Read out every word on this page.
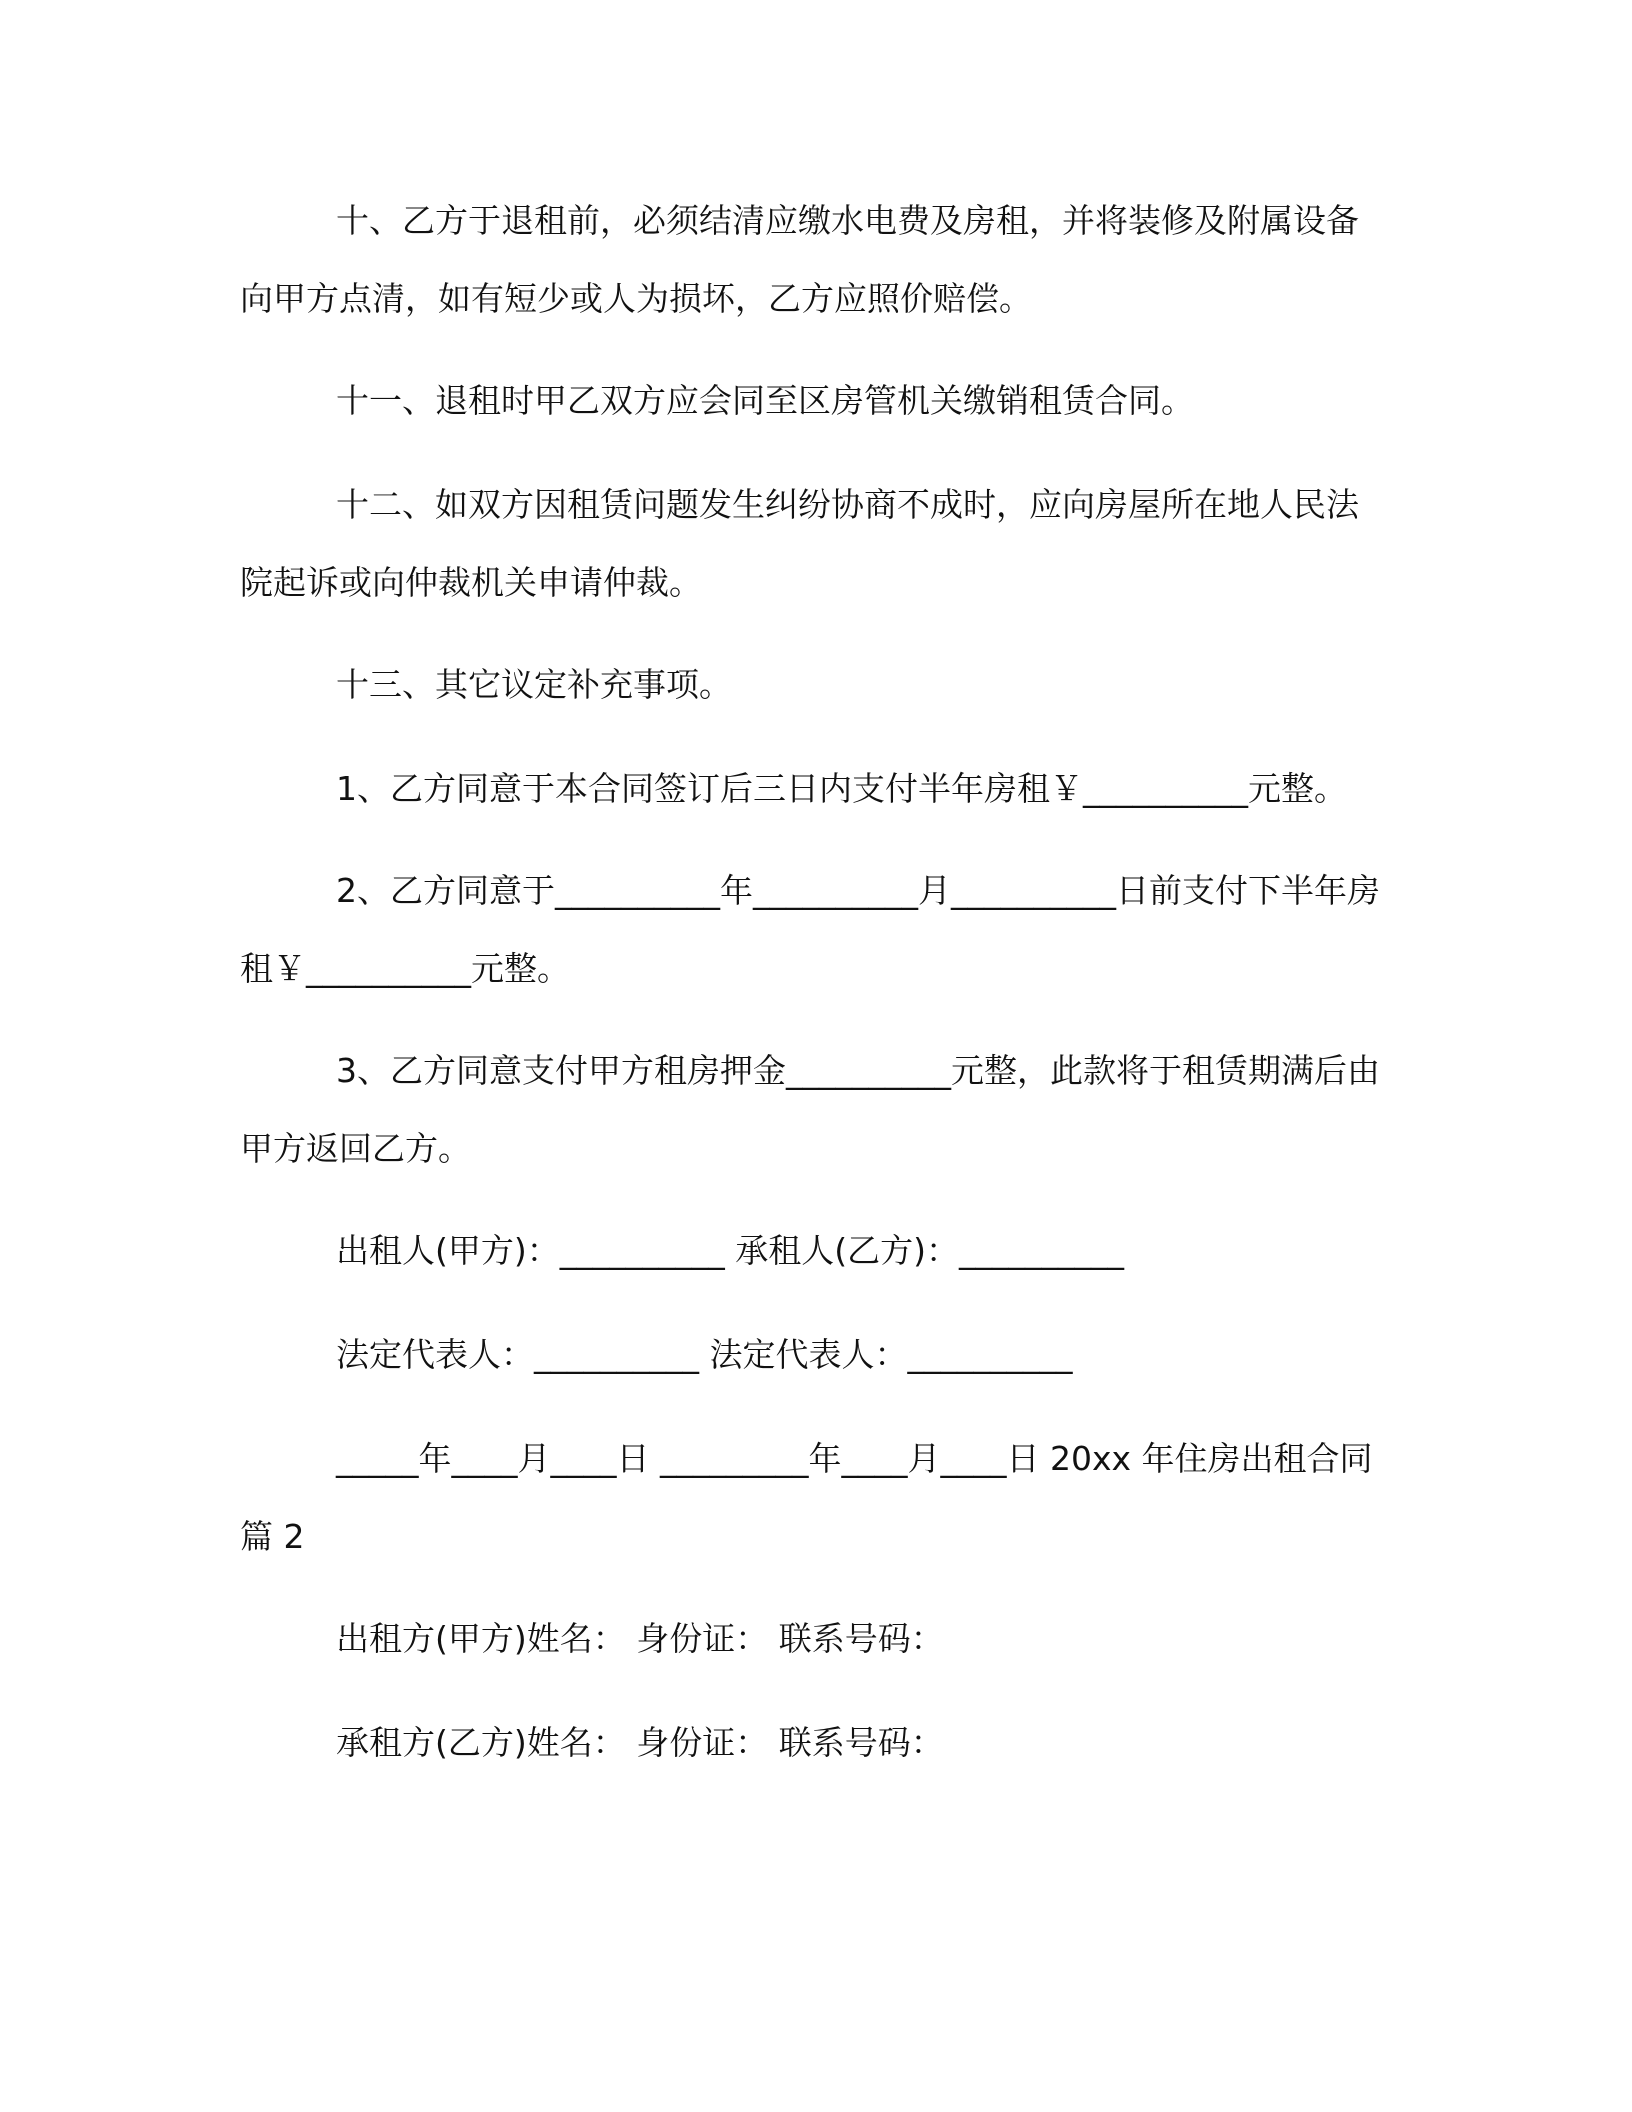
十、乙方于退租前，必须结清应缴水电费及房租，并将装修及附属设备向甲方点清，如有短少或人为损坏，乙方应照价赔偿。

十一、退租时甲乙双方应会同至区房管机关缴销租赁合同。

十二、如双方因租赁问题发生纠纷协商不成时，应向房屋所在地人民法院起诉或向仲裁机关申请仲裁。

十三、其它议定补充事项。

1、乙方同意于本合同签订后三日内支付半年房租￥__________元整。

2、乙方同意于__________年__________月__________日前支付下半年房租￥__________元整。

3、乙方同意支付甲方租房押金__________元整，此款将于租赁期满后由甲方返回乙方。

出租人(甲方)：__________ 承租人(乙方)：__________

法定代表人：__________ 法定代表人：__________

_____年____月____日 _________年____月____日 20xx 年住房出租合同 篇 2

出租方(甲方)姓名： 身份证： 联系号码：

承租方(乙方)姓名： 身份证： 联系号码：
